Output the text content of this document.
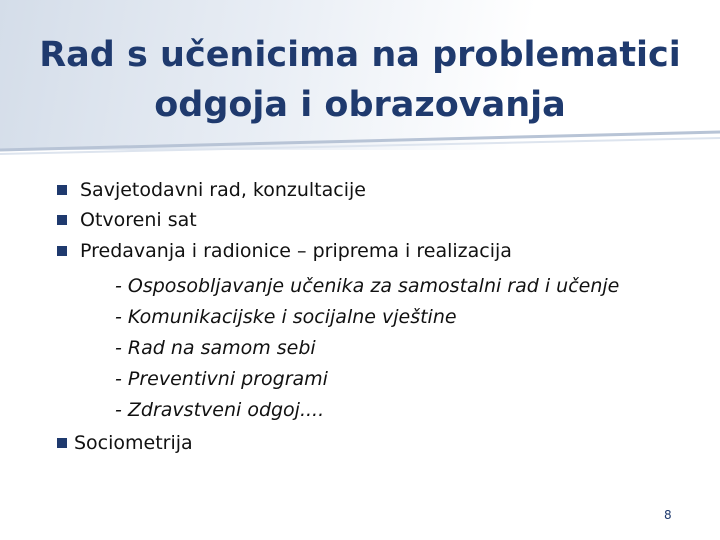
Rad s učenicima na problematici
odgoja i obrazovanja
Savjetodavni rad, konzultacije
Otvoreni sat
Predavanja i radionice – priprema i realizacija
- Osposobljavanje učenika za samostalni rad i učenje
- Komunikacijske i socijalne vještine
- Rad na samom sebi
- Preventivni programi
- Zdravstveni odgoj....
Sociometrija
8
